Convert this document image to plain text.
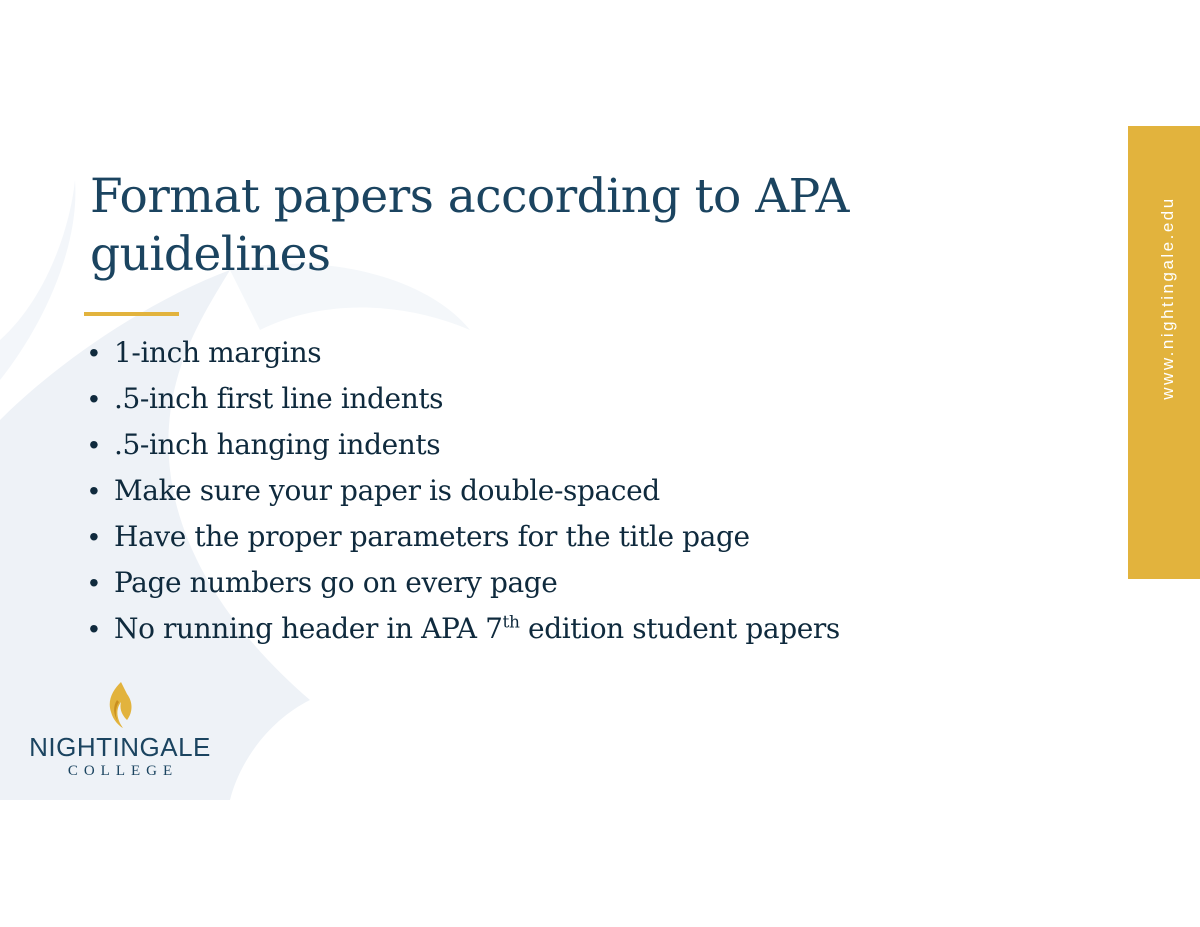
Format papers according to APA guidelines
• 1-inch margins
• .5-inch first line indents
• .5-inch hanging indents
• Make sure your paper is double-spaced
• Have the proper parameters for the title page
• Page numbers go on every page
• No running header in APA 7th edition student papers
www.nightingale.edu
NIGHTINGALE
COLLEGE
